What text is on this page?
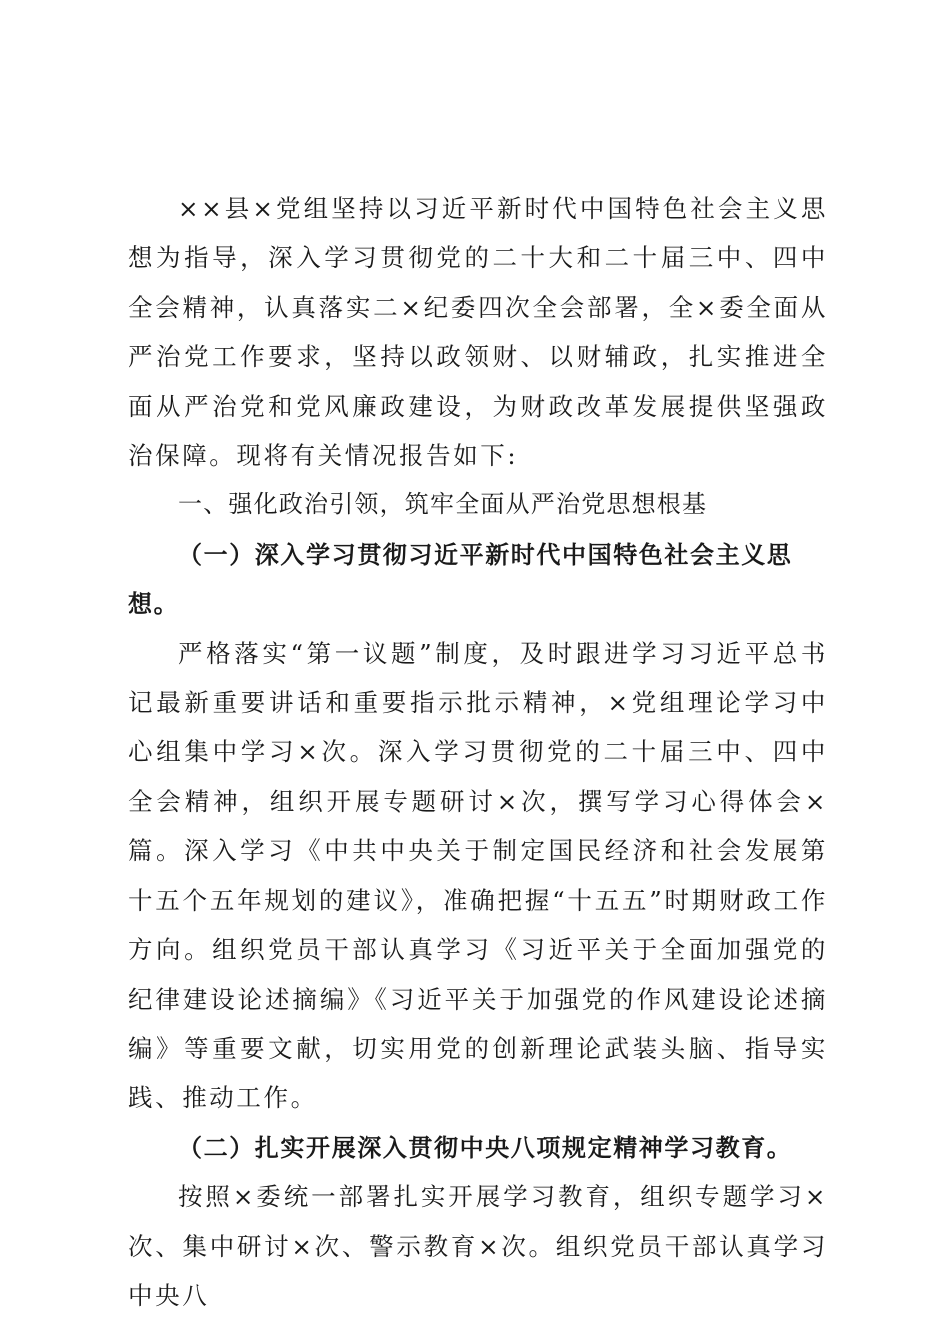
××县×党组坚持以习近平新时代中国特色社会主义思想为指导，深入学习贯彻党的二十大和二十届三中、四中全会精神，认真落实二×纪委四次全会部署，全×委全面从严治党工作要求，坚持以政领财、以财辅政，扎实推进全面从严治党和党风廉政建设，为财政改革发展提供坚强政治保障。现将有关情况报告如下:

一、强化政治引领，筑牢全面从严治党思想根基
（一）深入学习贯彻习近平新时代中国特色社会主义思想。

严格落实“第一议题”制度，及时跟进学习习近平总书记最新重要讲话和重要指示批示精神，×党组理论学习中心组集中学习×次。深入学习贯彻党的二十届三中、四中全会精神，组织开展专题研讨×次，撰写学习心得体会×篇。深入学习《中共中央关于制定国民经济和社会发展第十五个五年规划的建议》，准确把握“十五五”时期财政工作方向。组织党员干部认真学习《习近平关于全面加强党的纪律建设论述摘编》《习近平关于加强党的作风建设论述摘编》等重要文献，切实用党的创新理论武装头脑、指导实践、推动工作。

（二）扎实开展深入贯彻中央八项规定精神学习教育。

按照×委统一部署扎实开展学习教育，组织专题学习×次、集中研讨×次、警示教育×次。组织党员干部认真学习中央八
